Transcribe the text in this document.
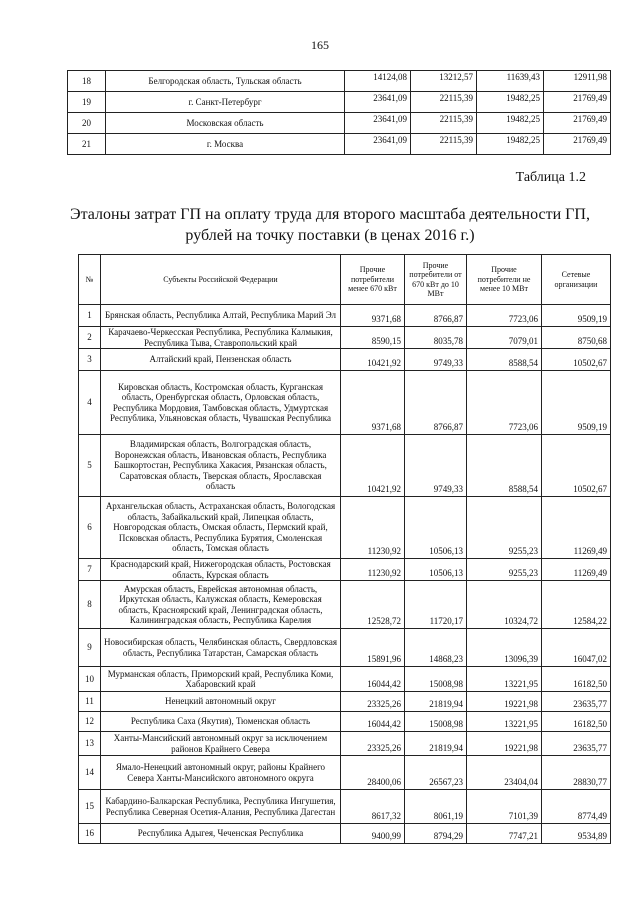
165
18	Белгородская область, Тульская область	14124,08	13212,57	11639,43	12911,98
19	г. Санкт-Петербург	23641,09	22115,39	19482,25	21769,49
20	Московская область	23641,09	22115,39	19482,25	21769,49
21	г. Москва	23641,09	22115,39	19482,25	21769,49
Таблица 1.2
Эталоны затрат ГП на оплату труда для второго масштаба деятельности ГП,
рублей на точку поставки (в ценах 2016 г.)
№	Субъекты Российской Федерации	Прочие потребители менее 670 кВт	Прочие потребители от 670 кВт до 10 МВт	Прочие потребители не менее 10 МВт	Сетевые организации
1	Брянская область, Республика Алтай, Республика Марий Эл	9371,68	8766,87	7723,06	9509,19
2	Карачаево-Черкесская Республика, Республика Калмыкия, Республика Тыва, Ставропольский край	8590,15	8035,78	7079,01	8750,68
3	Алтайский край, Пензенская область	10421,92	9749,33	8588,54	10502,67
4	Кировская область, Костромская область, Курганская область, Оренбургская область, Орловская область, Республика Мордовия, Тамбовская область, Удмуртская Республика, Ульяновская область, Чувашская Республика	9371,68	8766,87	7723,06	9509,19
5	Владимирская область, Волгоградская область, Воронежская область, Ивановская область, Республика Башкортостан, Республика Хакасия, Рязанская область, Саратовская область, Тверская область, Ярославская область	10421,92	9749,33	8588,54	10502,67
6	Архангельская область, Астраханская область, Вологодская область, Забайкальский край, Липецкая область, Новгородская область, Омская область, Пермский край, Псковская область, Республика Бурятия, Смоленская область, Томская область	11230,92	10506,13	9255,23	11269,49
7	Краснодарский край, Нижегородская область, Ростовская область, Курская область	11230,92	10506,13	9255,23	11269,49
8	Амурская область, Еврейская автономная область, Иркутская область, Калужская область, Кемеровская область, Красноярский край, Ленинградская область, Калининградская область, Республика Карелия	12528,72	11720,17	10324,72	12584,22
9	Новосибирская область, Челябинская область, Свердловская область, Республика Татарстан, Самарская область	15891,96	14868,23	13096,39	16047,02
10	Мурманская область, Приморский край, Республика Коми, Хабаровский край	16044,42	15008,98	13221,95	16182,50
11	Ненецкий автономный округ	23325,26	21819,94	19221,98	23635,77
12	Республика Саха (Якутия), Тюменская область	16044,42	15008,98	13221,95	16182,50
13	Ханты-Мансийский автономный округ за исключением районов Крайнего Севера	23325,26	21819,94	19221,98	23635,77
14	Ямало-Ненецкий автономный округ, районы Крайнего Севера Ханты-Мансийского автономного округа	28400,06	26567,23	23404,04	28830,77
15	Кабардино-Балкарская Республика, Республика Ингушетия, Республика Северная Осетия-Алания, Республика Дагестан	8617,32	8061,19	7101,39	8774,49
16	Республика Адыгея, Чеченская Республика	9400,99	8794,29	7747,21	9534,89
